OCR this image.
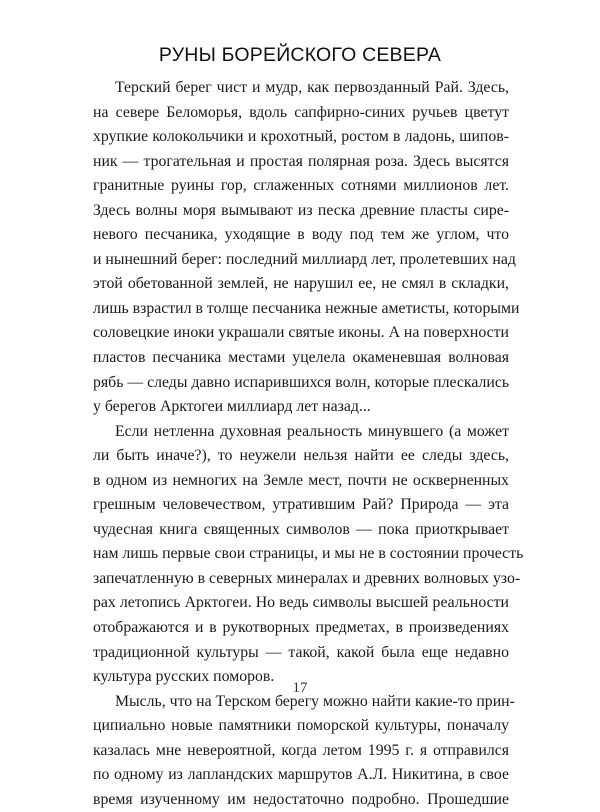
РУНЫ БОРЕЙСКОГО СЕВЕРА
Терский берег чист и мудр, как первозданный Рай. Здесь,
на севере Беломорья, вдоль сапфирно-синих ручьев цветут
хрупкие колокольчики и крохотный, ростом в ладонь, шипов-
ник — трогательная и простая полярная роза. Здесь высятся
гранитные руины гор, сглаженных сотнями миллионов лет.
Здесь волны моря вымывают из песка древние пласты сире-
невого песчаника, уходящие в воду под тем же углом, что
и нынешний берег: последний миллиард лет, пролетевших над
этой обетованной землей, не нарушил ее, не смял в складки,
лишь взрастил в толще песчаника нежные аметисты, которыми
соловецкие иноки украшали святые иконы. А на поверхности
пластов песчаника местами уцелела окаменевшая волновая
рябь — следы давно испарившихся волн, которые плескались
у берегов Арктогеи миллиард лет назад...
Если нетленна духовная реальность минувшего (а может
ли быть иначе?), то неужели нельзя найти ее следы здесь,
в одном из немногих на Земле мест, почти не оскверненных
грешным человечеством, утратившим Рай? Природа — эта
чудесная книга священных символов — пока приоткрывает
нам лишь первые свои страницы, и мы не в состоянии прочесть
запечатленную в северных минералах и древних волновых узо-
рах летопись Арктогеи. Но ведь символы высшей реальности
отображаются и в рукотворных предметах, в произведениях
традиционной культуры — такой, какой была еще недавно
культура русских поморов.
Мысль, что на Терском берегу можно найти какие-то прин-
ципиально новые памятники поморской культуры, поначалу
казалась мне невероятной, когда летом 1995 г. я отправился
по одному из лапландских маршрутов А.Л. Никитина, в свое
время изученному им недостаточно подробно. Прошедшие
17
